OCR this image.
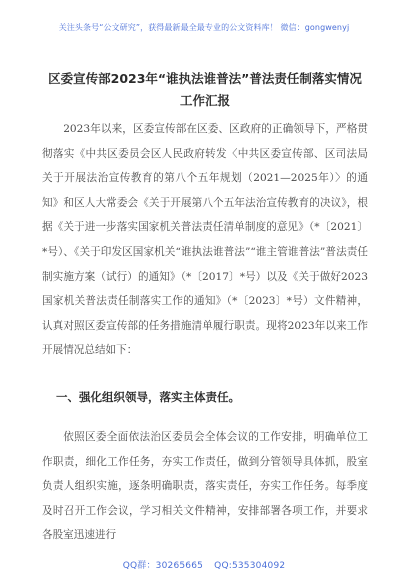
关注头条号“公文研究”，获得最新最全最专业的公文资料库！ 微信：gongwenyj
区委宣传部2023年“谁执法谁普法”普法责任制落实情况
工作汇报

2023年以来，区委宣传部在区委、区政府的正确领导下，严格贯彻落实《中共区委员会区人民政府转发〈中共区委宣传部、区司法局关于开展法治宣传教育的第八个五年规划（2021—2025年）〉的通知》和区人大常委会《关于开展第八个五年法治宣传教育的决议》，根据《关于进一步落实国家机关普法责任清单制度的意见》（*〔2021〕*号）、《关于印发区国家机关“谁执法谁普法”“谁主管谁普法”普法责任制实施方案（试行）的通知》（*〔2017〕*号）以及《关于做好2023国家机关普法责任制落实工作的通知》（*〔2023〕*号）文件精神，认真对照区委宣传部的任务措施清单履行职责。现将2023年以来工作开展情况总结如下：

一、强化组织领导，落实主体责任。

依照区委全面依法治区委员会全体会议的工作安排，明确单位工作职责，细化工作任务，夯实工作责任，做到分管领导具体抓，股室负责人组织实施，逐条明确职责，落实责任，夯实工作任务。每季度及时召开工作会议，学习相关文件精神，安排部署各项工作，并要求各股室迅速进行

QQ群：30265665 QQ:535304092
